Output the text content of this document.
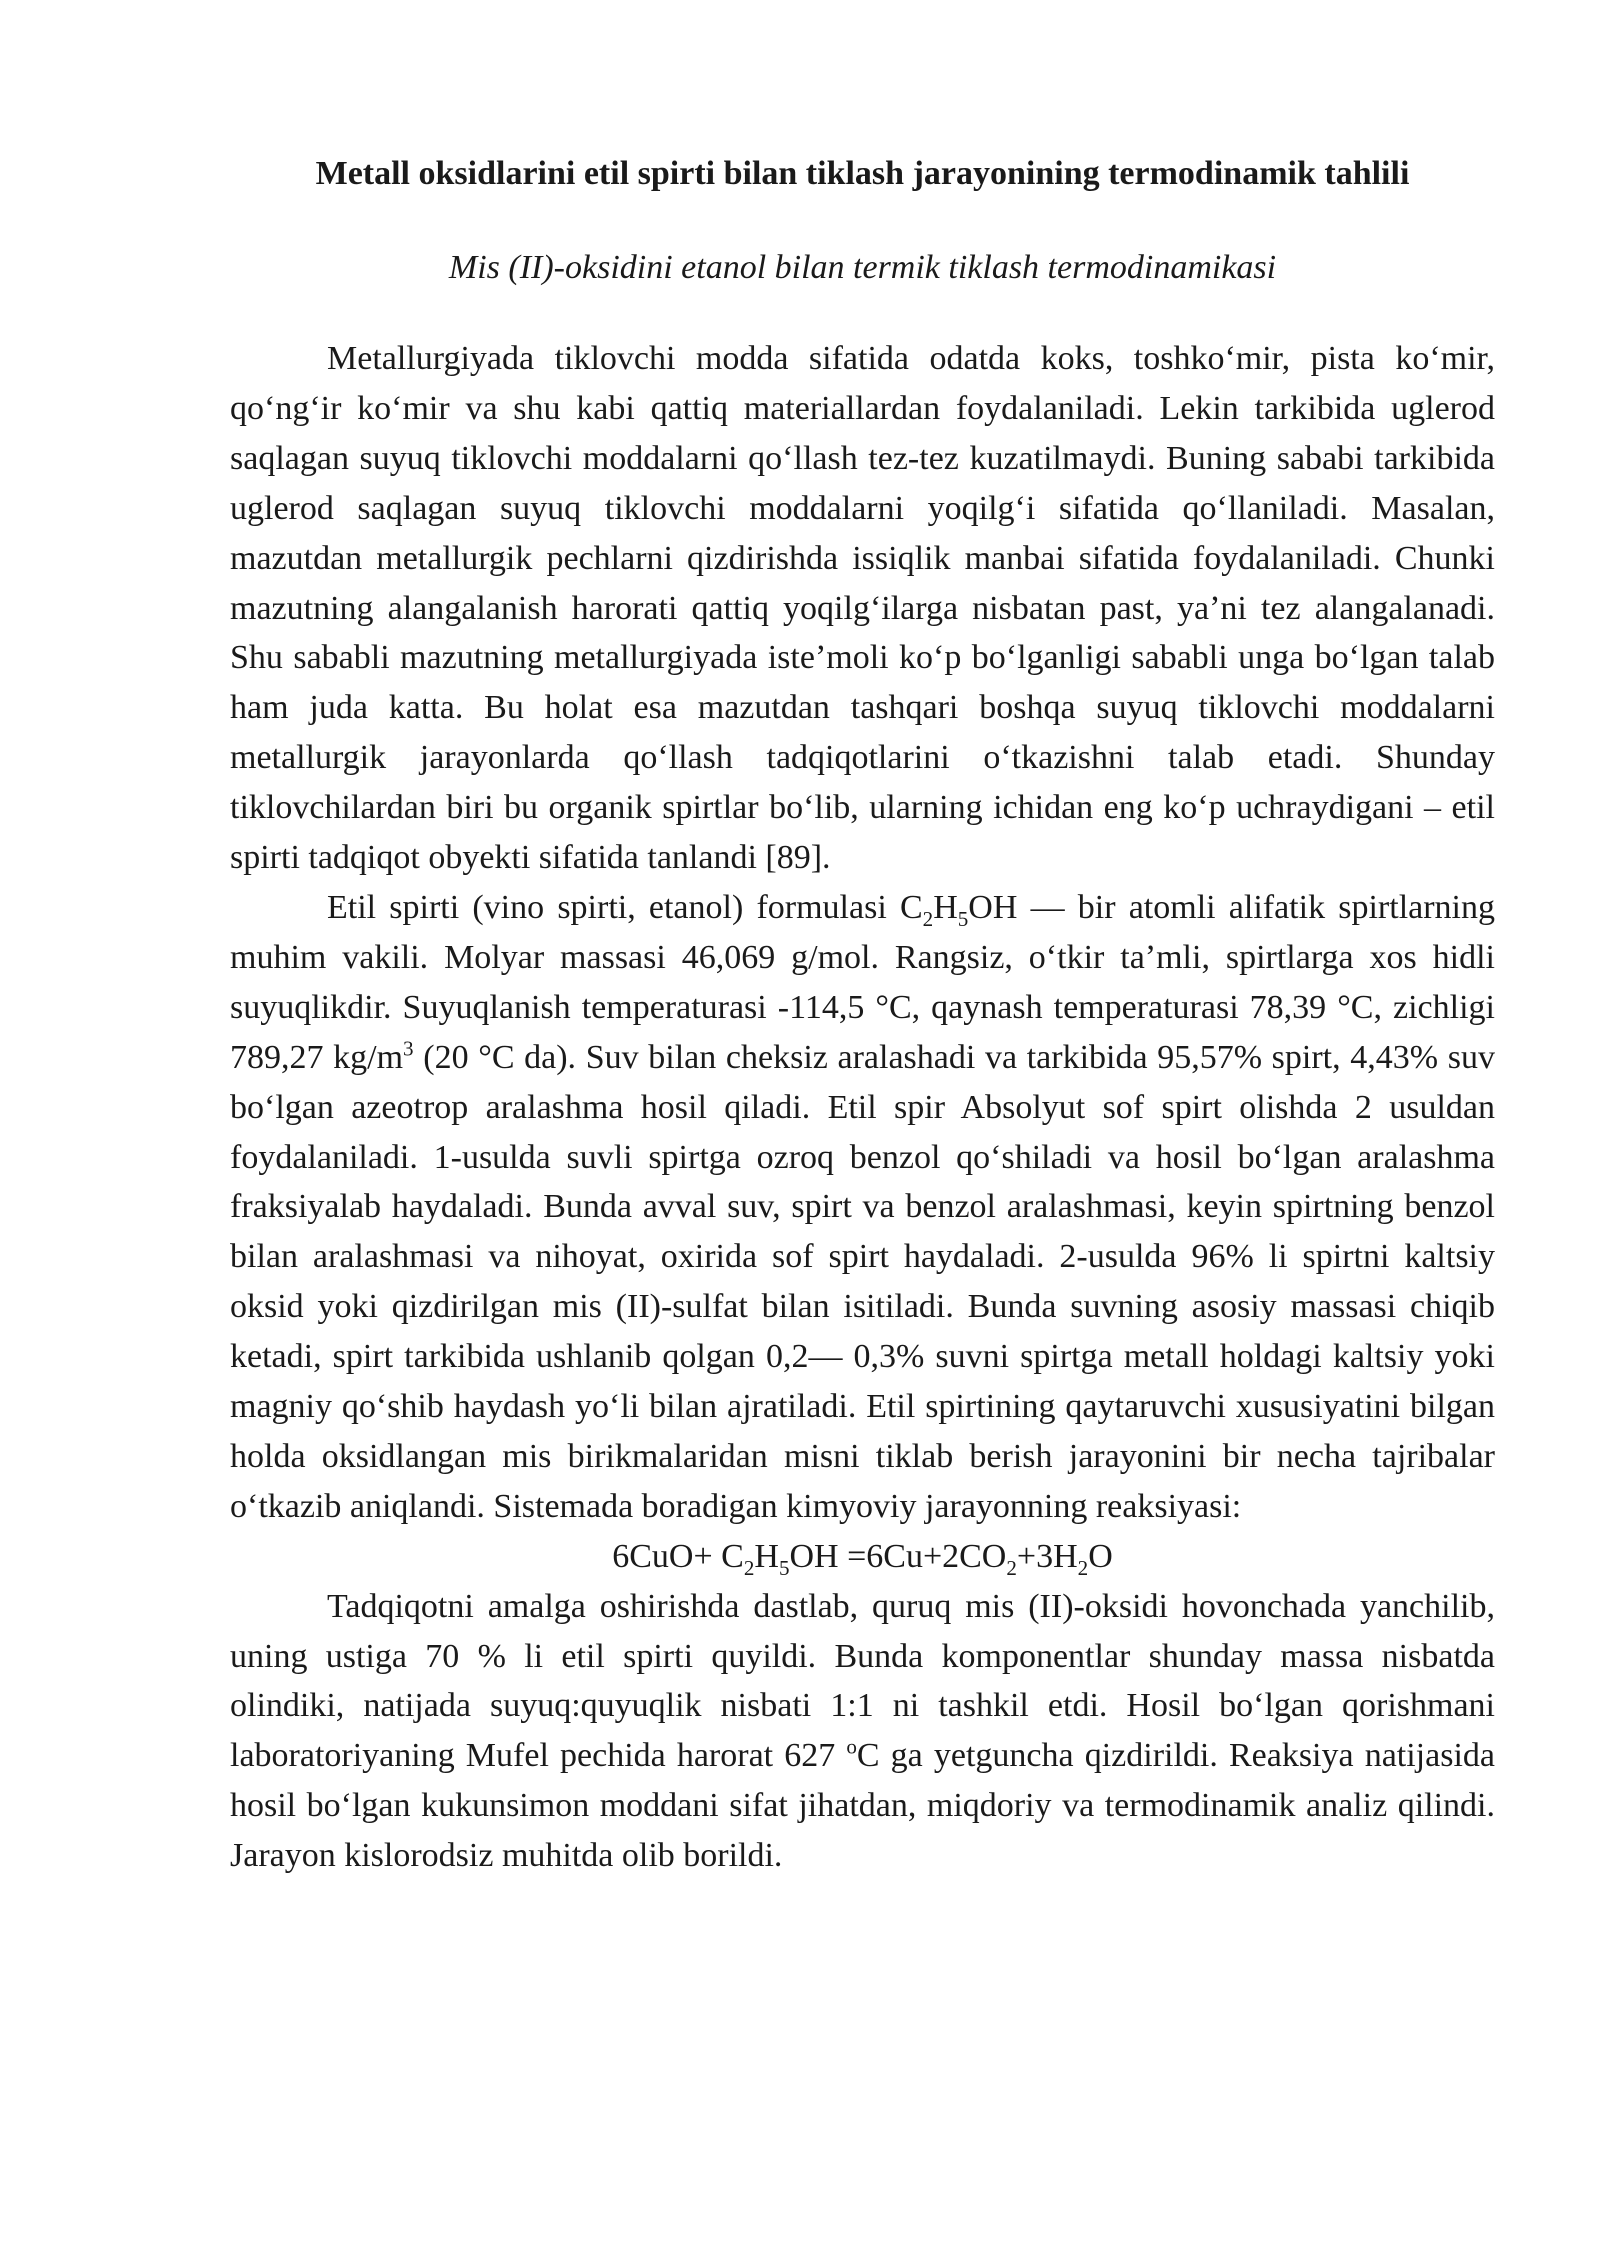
Metall oksidlarini etil spirti bilan tiklash jarayonining termodinamik tahlili

Mis (II)-oksidini etanol bilan termik tiklash termodinamikasi

Metallurgiyada tiklovchi modda sifatida odatda koks, toshkoʻmir, pista koʻmir, qoʻngʻir koʻmir va shu kabi qattiq materiallardan foydalaniladi. Lekin tarkibida uglerod saqlagan suyuq tiklovchi moddalarni qoʻllash tez-tez kuzatilmaydi. Buning sababi tarkibida uglerod saqlagan suyuq tiklovchi moddalarni yoqilgʻi sifatida qoʻllaniladi. Masalan, mazutdan metallurgik pechlarni qizdirishda issiqlik manbai sifatida foydalaniladi. Chunki mazutning alangalanish harorati qattiq yoqilgʻilarga nisbatan past, yaʼni tez alangalanadi. Shu sababli mazutning metallurgiyada isteʼmoli koʻp boʻlganligi sababli unga boʻlgan talab ham juda katta. Bu holat esa mazutdan tashqari boshqa suyuq tiklovchi moddalarni metallurgik jarayonlarda qoʻllash tadqiqotlarini oʻtkazishni talab etadi. Shunday tiklovchilardan biri bu organik spirtlar boʻlib, ularning ichidan eng koʻp uchraydigani – etil spirti tadqiqot obyekti sifatida tanlandi [89].

Etil spirti (vino spirti, etanol) formulasi $C_2H_5OH$ — bir atomli alifatik spirtlarning muhim vakili. Molyar massasi 46,069 g/mol. Rangsiz, oʻtkir taʼmli, spirtlarga xos hidli suyuqlikdir. Suyuqlanish temperaturasi -114,5 °C, qaynash temperaturasi 78,39 °C, zichligi 789,27 $kg/m^3$ (20 °C da). Suv bilan cheksiz aralashadi va tarkibida 95,57% spirt, 4,43% suv boʻlgan azeotrop aralashma hosil qiladi. Etil spir Absolyut sof spirt olishda 2 usuldan foydalaniladi. 1-usulda suvli spirtga ozroq benzol qoʻshiladi va hosil boʻlgan aralashma fraksiyalab haydaladi. Bunda avval suv, spirt va benzol aralashmasi, keyin spirtning benzol bilan aralashmasi va nihoyat, oxirida sof spirt haydaladi. 2-usulda 96% li spirtni kaltsiy oksid yoki qizdirilgan mis (II)-sulfat bilan isitiladi. Bunda suvning asosiy massasi chiqib ketadi, spirt tarkibida ushlanib qolgan 0,2— 0,3% suvni spirtga metall holdagi kaltsiy yoki magniy qoʻshib haydash yoʻli bilan ajratiladi. Etil spirtining qaytaruvchi xususiyatini bilgan holda oksidlangan mis birikmalaridan misni tiklab berish jarayonini bir necha tajribalar oʻtkazib aniqlandi. Sistemada boradigan kimyoviy jarayonning reaksiyasi:

$6CuO+ C_2H_5OH =6Cu+2CO_2+3H_2O$

Tadqiqotni amalga oshirishda dastlab, quruq mis (II)-oksidi hovonchada yanchilib, uning ustiga 70 % li etil spirti quyildi. Bunda komponentlar shunday massa nisbatda olindiki, natijada suyuq:quyuqlik nisbati 1:1 ni tashkil etdi. Hosil boʻlgan qorishmani laboratoriyaning Mufel pechida harorat 627 $^o$C ga yetguncha qizdirildi. Reaksiya natijasida hosil boʻlgan kukunsimon moddani sifat jihatdan, miqdoriy va termodinamik analiz qilindi. Jarayon kislorodsiz muhitda olib borildi.
